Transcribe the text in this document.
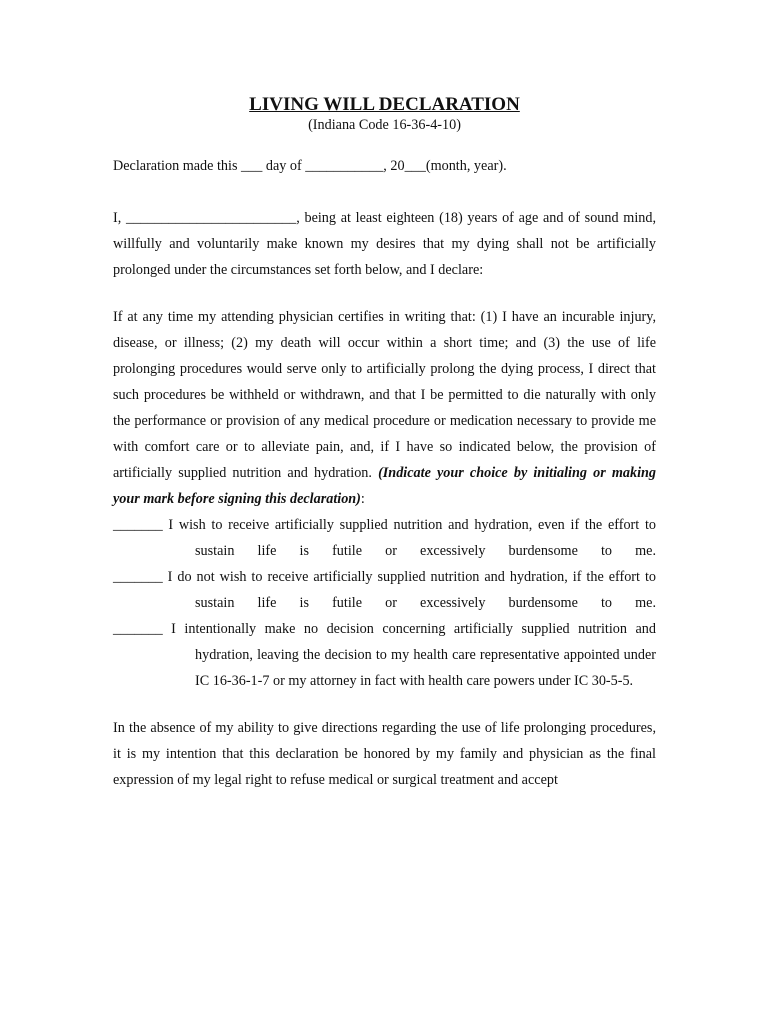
LIVING WILL DECLARATION

(Indiana Code 16-36-4-10)

Declaration made this ___ day of ___________, 20___(month, year).

I, ________________________, being at least eighteen (18) years of age and of sound mind, willfully and voluntarily make known my desires that my dying shall not be artificially prolonged under the circumstances set forth below, and I declare:

If at any time my attending physician certifies in writing that: (1) I have an incurable injury, disease, or illness; (2) my death will occur within a short time; and (3) the use of life prolonging procedures would serve only to artificially prolong the dying process, I direct that such procedures be withheld or withdrawn, and that I be permitted to die naturally with only the performance or provision of any medical procedure or medication necessary to provide me with comfort care or to alleviate pain, and, if I have so indicated below, the provision of artificially supplied nutrition and hydration. (Indicate your choice by initialing or making your mark before signing this declaration):

_______ I wish to receive artificially supplied nutrition and hydration, even if the effort to sustain life is futile or excessively burdensome to me.

_______ I do not wish to receive artificially supplied nutrition and hydration, if the effort to sustain life is futile or excessively burdensome to me.

_______ I intentionally make no decision concerning artificially supplied nutrition and hydration, leaving the decision to my health care representative appointed under IC 16-36-1-7 or my attorney in fact with health care powers under IC 30-5-5.

In the absence of my ability to give directions regarding the use of life prolonging procedures, it is my intention that this declaration be honored by my family and physician as the final expression of my legal right to refuse medical or surgical treatment and accept
